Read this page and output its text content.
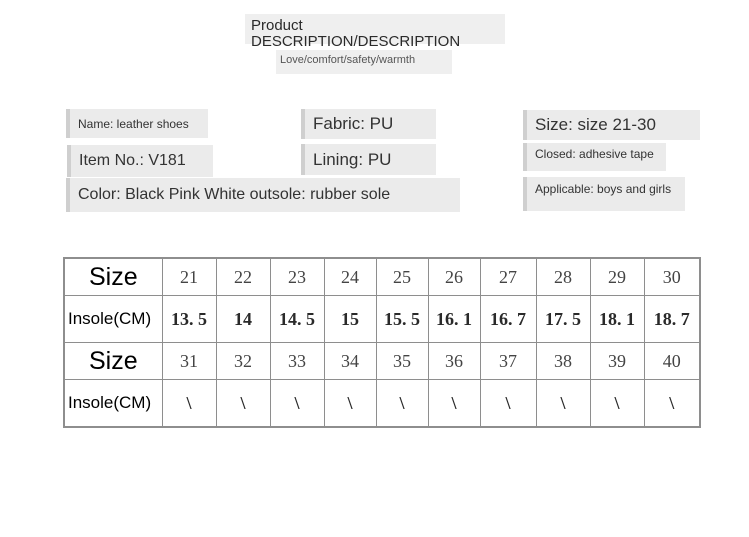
Product
DESCRIPTION/DESCRIPTION
Love/comfort/safety/warmth
Name: leather shoes
Item No.: V181
Color: Black Pink White outsole: rubber sole
Fabric: PU
Lining: PU
Size: size 21-30
Closed: adhesive tape
Applicable: boys and girls
Size	21	22	23	24	25	26	27	28	29	30
Insole(CM)	13. 5	14	14. 5	15	15. 5	16. 1	16. 7	17. 5	18. 1	18. 7
Size	31	32	33	34	35	36	37	38	39	40
Insole(CM)	\	\	\	\	\	\	\	\	\	\
